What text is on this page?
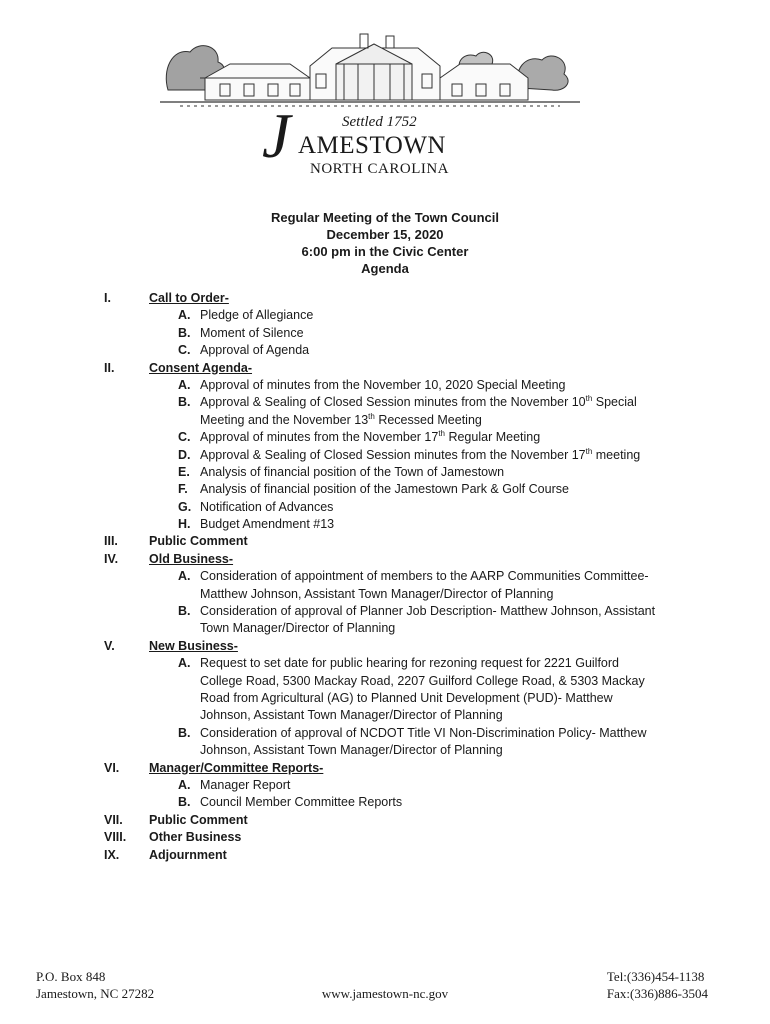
Settled 1752
J AMESTOWN
NORTH CAROLINA
Regular Meeting of the Town Council
December 15, 2020
6:00 pm in the Civic Center
Agenda
I.	Call to Order-
A. Pledge of Allegiance
B. Moment of Silence
C. Approval of Agenda
II.	Consent Agenda-
A. Approval of minutes from the November 10, 2020 Special Meeting
B. Approval & Sealing of Closed Session minutes from the November 10th Special
Meeting and the November 13th Recessed Meeting
C. Approval of minutes from the November 17th Regular Meeting
D. Approval & Sealing of Closed Session minutes from the November 17th meeting
E. Analysis of financial position of the Town of Jamestown
F. Analysis of financial position of the Jamestown Park & Golf Course
G. Notification of Advances
H. Budget Amendment #13
III. Public Comment
IV. Old Business-
A. Consideration of appointment of members to the AARP Communities Committee-
Matthew Johnson, Assistant Town Manager/Director of Planning
B. Consideration of approval of Planner Job Description- Matthew Johnson, Assistant
Town Manager/Director of Planning
V.	New Business-
A. Request to set date for public hearing for rezoning request for 2221 Guilford
College Road, 5300 Mackay Road, 2207 Guilford College Road, & 5303 Mackay
Road from Agricultural (AG) to Planned Unit Development (PUD)- Matthew
Johnson, Assistant Town Manager/Director of Planning
B. Consideration of approval of NCDOT Title VI Non-Discrimination Policy- Matthew
Johnson, Assistant Town Manager/Director of Planning
VI. Manager/Committee Reports-
A. Manager Report
B. Council Member Committee Reports
VII. Public Comment
VIII. Other Business
IX. Adjournment
P.O. Box 848
Jamestown, NC 27282	www.jamestown-nc.gov
Tel:(336)454-1138
Fax:(336)886-3504
